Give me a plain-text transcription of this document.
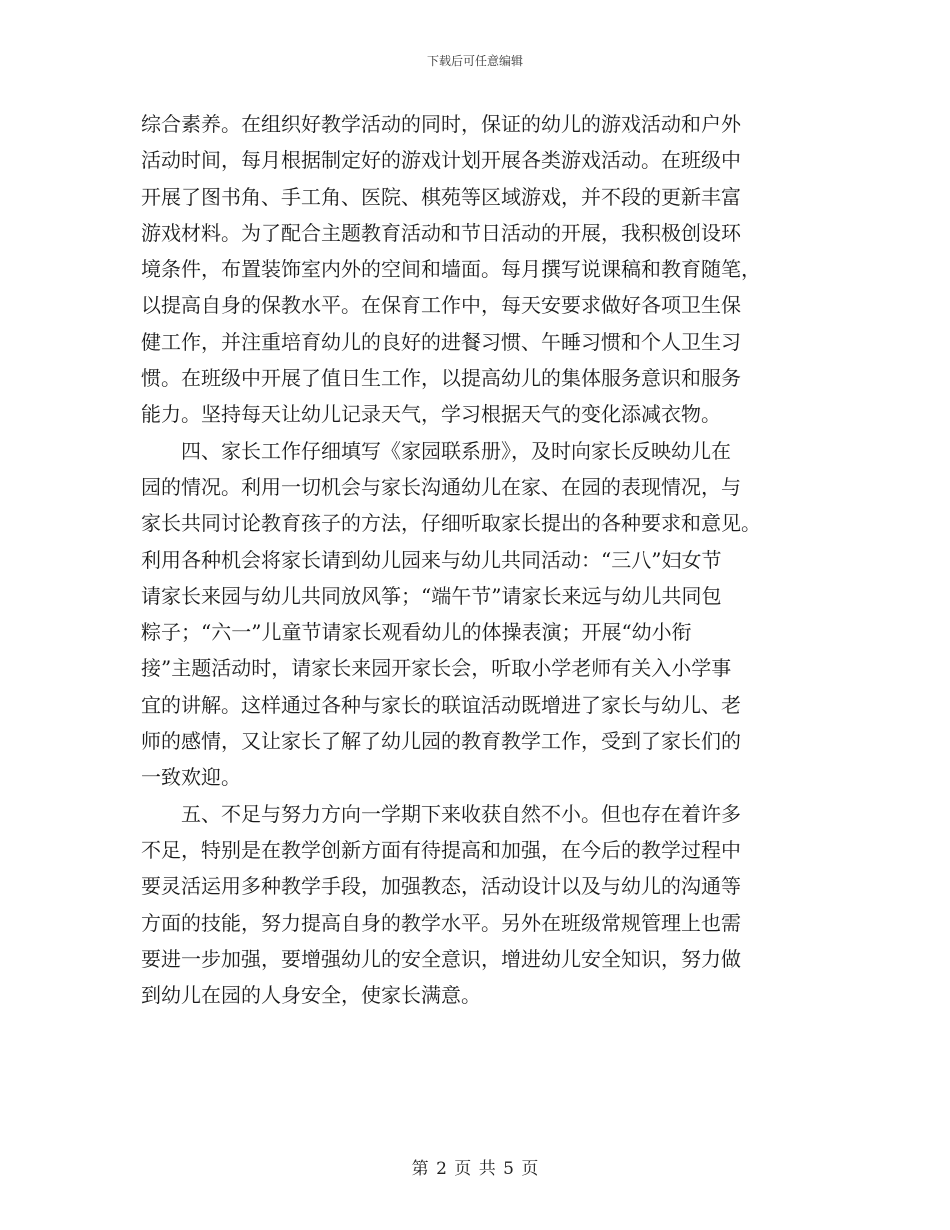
下载后可任意编辑

综合素养。在组织好教学活动的同时，保证的幼儿的游戏活动和户外
活动时间，每月根据制定好的游戏计划开展各类游戏活动。在班级中
开展了图书角、手工角、医院、棋苑等区域游戏，并不段的更新丰富
游戏材料。为了配合主题教育活动和节日活动的开展，我积极创设环
境条件，布置装饰室内外的空间和墙面。每月撰写说课稿和教育随笔，
以提高自身的保教水平。在保育工作中，每天安要求做好各项卫生保
健工作，并注重培育幼儿的良好的进餐习惯、午睡习惯和个人卫生习
惯。在班级中开展了值日生工作，以提高幼儿的集体服务意识和服务
能力。坚持每天让幼儿记录天气，学习根据天气的变化添减衣物。

　　四、家长工作仔细填写《家园联系册》，及时向家长反映幼儿在
园的情况。利用一切机会与家长沟通幼儿在家、在园的表现情况，与
家长共同讨论教育孩子的方法，仔细听取家长提出的各种要求和意见。
利用各种机会将家长请到幼儿园来与幼儿共同活动：“三八”妇女节
请家长来园与幼儿共同放风筝；“端午节”请家长来远与幼儿共同包
粽子；“六一”儿童节请家长观看幼儿的体操表演；开展“幼小衔
接”主题活动时，请家长来园开家长会，听取小学老师有关入小学事
宜的讲解。这样通过各种与家长的联谊活动既增进了家长与幼儿、老
师的感情，又让家长了解了幼儿园的教育教学工作，受到了家长们的
一致欢迎。

　　五、不足与努力方向一学期下来收获自然不小。但也存在着许多
不足，特别是在教学创新方面有待提高和加强，在今后的教学过程中
要灵活运用多种教学手段，加强教态，活动设计以及与幼儿的沟通等
方面的技能，努力提高自身的教学水平。另外在班级常规管理上也需
要进一步加强，要增强幼儿的安全意识，增进幼儿安全知识，努力做
到幼儿在园的人身安全，使家长满意。

第 2 页 共 5 页
